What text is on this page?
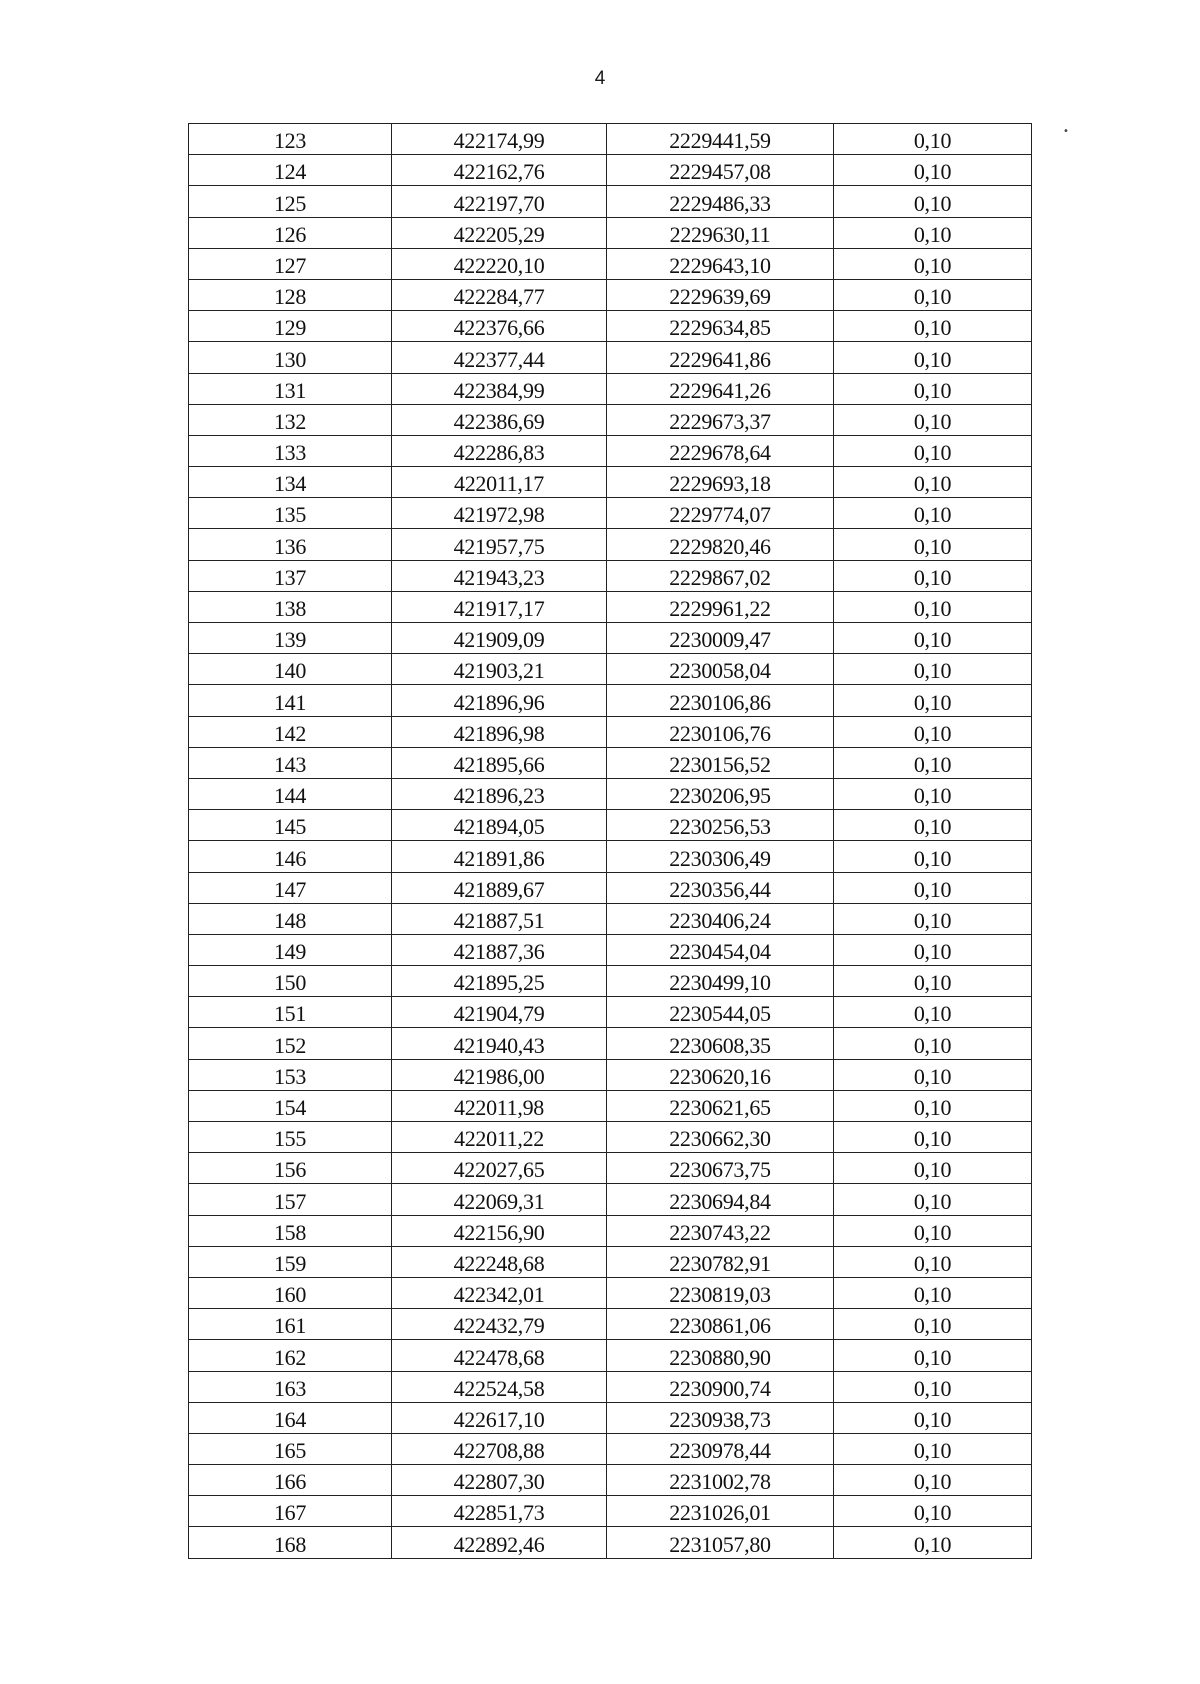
4
•
123	422174,99	2229441,59	0,10
124	422162,76	2229457,08	0,10
125	422197,70	2229486,33	0,10
126	422205,29	2229630,11	0,10
127	422220,10	2229643,10	0,10
128	422284,77	2229639,69	0,10
129	422376,66	2229634,85	0,10
130	422377,44	2229641,86	0,10
131	422384,99	2229641,26	0,10
132	422386,69	2229673,37	0,10
133	422286,83	2229678,64	0,10
134	422011,17	2229693,18	0,10
135	421972,98	2229774,07	0,10
136	421957,75	2229820,46	0,10
137	421943,23	2229867,02	0,10
138	421917,17	2229961,22	0,10
139	421909,09	2230009,47	0,10
140	421903,21	2230058,04	0,10
141	421896,96	2230106,86	0,10
142	421896,98	2230106,76	0,10
143	421895,66	2230156,52	0,10
144	421896,23	2230206,95	0,10
145	421894,05	2230256,53	0,10
146	421891,86	2230306,49	0,10
147	421889,67	2230356,44	0,10
148	421887,51	2230406,24	0,10
149	421887,36	2230454,04	0,10
150	421895,25	2230499,10	0,10
151	421904,79	2230544,05	0,10
152	421940,43	2230608,35	0,10
153	421986,00	2230620,16	0,10
154	422011,98	2230621,65	0,10
155	422011,22	2230662,30	0,10
156	422027,65	2230673,75	0,10
157	422069,31	2230694,84	0,10
158	422156,90	2230743,22	0,10
159	422248,68	2230782,91	0,10
160	422342,01	2230819,03	0,10
161	422432,79	2230861,06	0,10
162	422478,68	2230880,90	0,10
163	422524,58	2230900,74	0,10
164	422617,10	2230938,73	0,10
165	422708,88	2230978,44	0,10
166	422807,30	2231002,78	0,10
167	422851,73	2231026,01	0,10
168	422892,46	2231057,80	0,10
